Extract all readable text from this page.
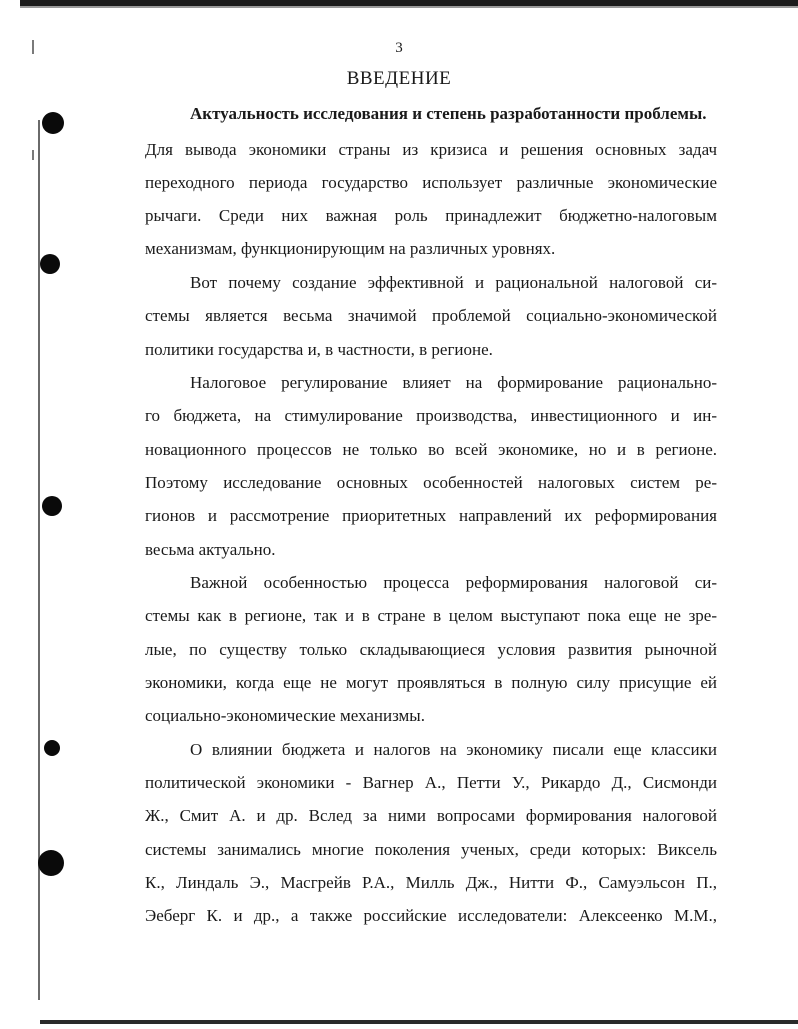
3
ВВЕДЕНИЕ
Актуальность исследования и степень разработанности проблемы.
Для вывода экономики страны из кризиса и решения основных задач
переходного периода государство использует различные экономические
рычаги. Среди них важная роль принадлежит бюджетно-налоговым
механизмам, функционирующим на различных уровнях.
Вот почему создание эффективной и рациональной налоговой си-
стемы является весьма значимой проблемой социально-экономической
политики государства и, в частности, в регионе.
Налоговое регулирование влияет на формирование рационально-
го бюджета, на стимулирование производства, инвестиционного и ин-
новационного процессов не только во всей экономике, но и в регионе.
Поэтому исследование основных особенностей налоговых систем ре-
гионов и рассмотрение приоритетных направлений их реформирования
весьма актуально.
Важной особенностью процесса реформирования налоговой си-
стемы как в регионе, так и в стране в целом выступают пока еще не зре-
лые, по существу только складывающиеся условия развития рыночной
экономики, когда еще не могут проявляться в полную силу присущие ей
социально-экономические механизмы.
О влиянии бюджета и налогов на экономику писали еще классики
политической экономики - Вагнер А., Петти У., Рикардо Д., Сисмонди
Ж., Смит А. и др. Вслед за ними вопросами формирования налоговой
системы занимались многие поколения ученых, среди которых: Виксель
К., Линдаль Э., Масгрейв Р.А., Милль Дж., Нитти Ф., Самуэльсон П.,
Эеберг К. и др., а также российские исследователи: Алексеенко М.М.,
